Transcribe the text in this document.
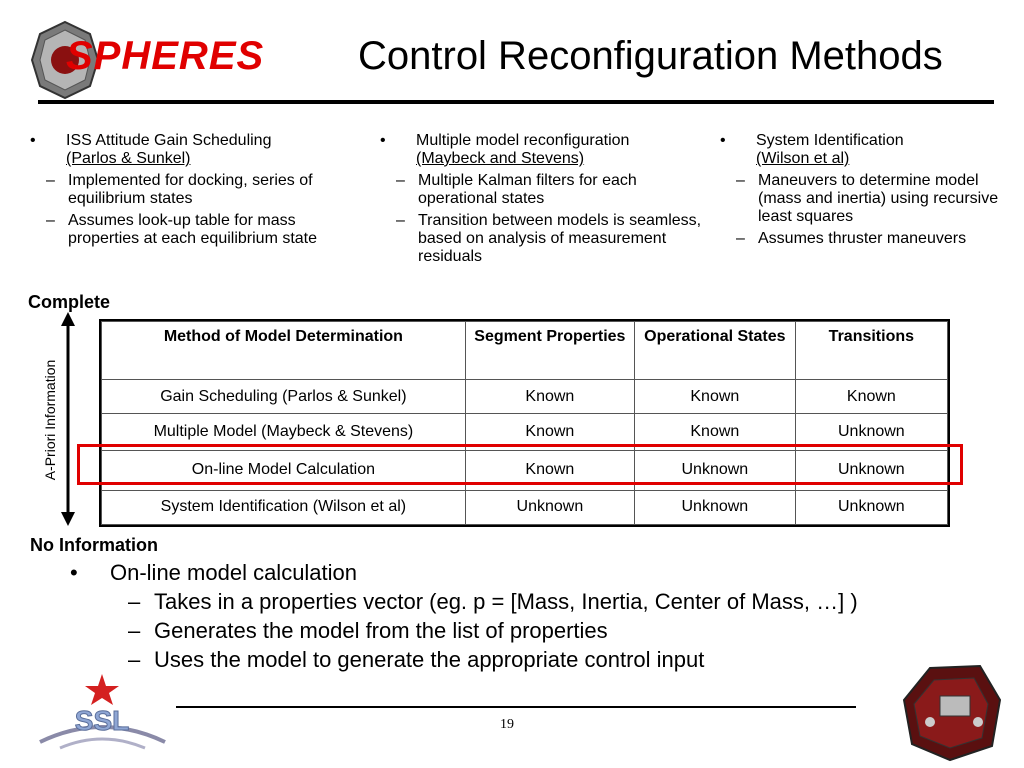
SPHERES Control Reconfiguration Methods
• ISS Attitude Gain Scheduling
(Parlos & Sunkel)
– Implemented for docking, series of equilibrium states
– Assumes look-up table for mass properties at each equilibrium state
• Multiple model reconfiguration
(Maybeck and Stevens)
– Multiple Kalman filters for each operational states
– Transition between models is seamless, based on analysis of measurement residuals
• System Identification
(Wilson et al)
– Maneuvers to determine model (mass and inertia) using recursive least squares
– Assumes thruster maneuvers
Complete
A-Priori Information
No Information
Method of Model Determination	Segment Properties	Operational States	Transitions
Gain Scheduling (Parlos & Sunkel)	Known	Known	Known
Multiple Model (Maybeck & Stevens)	Known	Known	Unknown
On-line Model Calculation	Known	Unknown	Unknown
System Identification (Wilson et al)	Unknown	Unknown	Unknown
• On-line model calculation
– Takes in a properties vector (eg. p = [Mass, Inertia, Center of Mass, …] )
– Generates the model from the list of properties
– Uses the model to generate the appropriate control input
SSL	19
